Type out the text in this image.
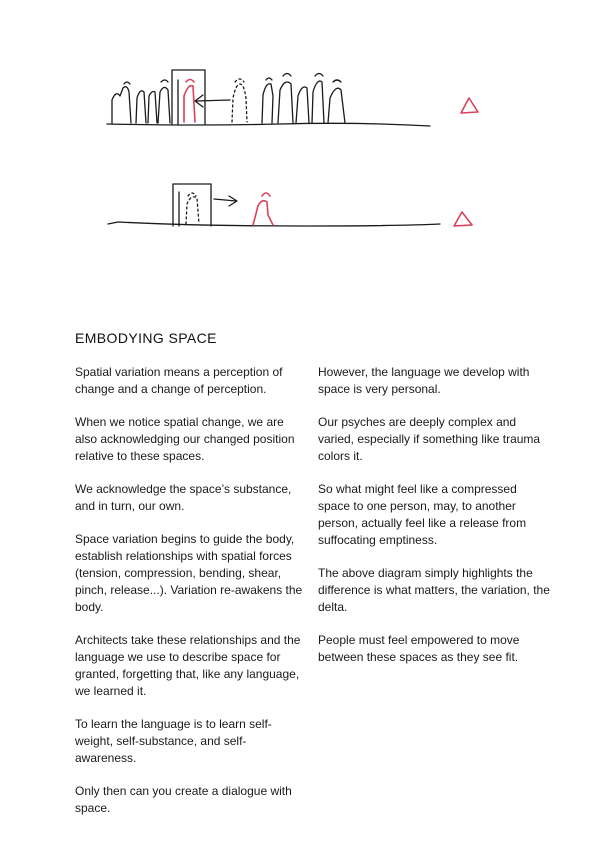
EMBODYING SPACE

Spatial variation means a perception of change and a change of perception.

When we notice spatial change, we are also acknowledging our changed position relative to these spaces.

We acknowledge the space’s substance, and in turn, our own.

Space variation begins to guide the body, establish relationships with spatial forces (tension, compression, bending, shear, pinch, release...). Variation re-awakens the body.

Architects take these relationships and the language we use to describe space for granted, forgetting that, like any language, we learned it.

To learn the language is to learn self-weight, self-substance, and self-awareness.

Only then can you create a dialogue with space.

However, the language we develop with space is very personal.

Our psyches are deeply complex and varied, especially if something like trauma colors it.

So what might feel like a compressed space to one person, may, to another person, actually feel like a release from suffocating emptiness.

The above diagram simply highlights the difference is what matters, the variation, the delta.

People must feel empowered to move between these spaces as they see fit.
